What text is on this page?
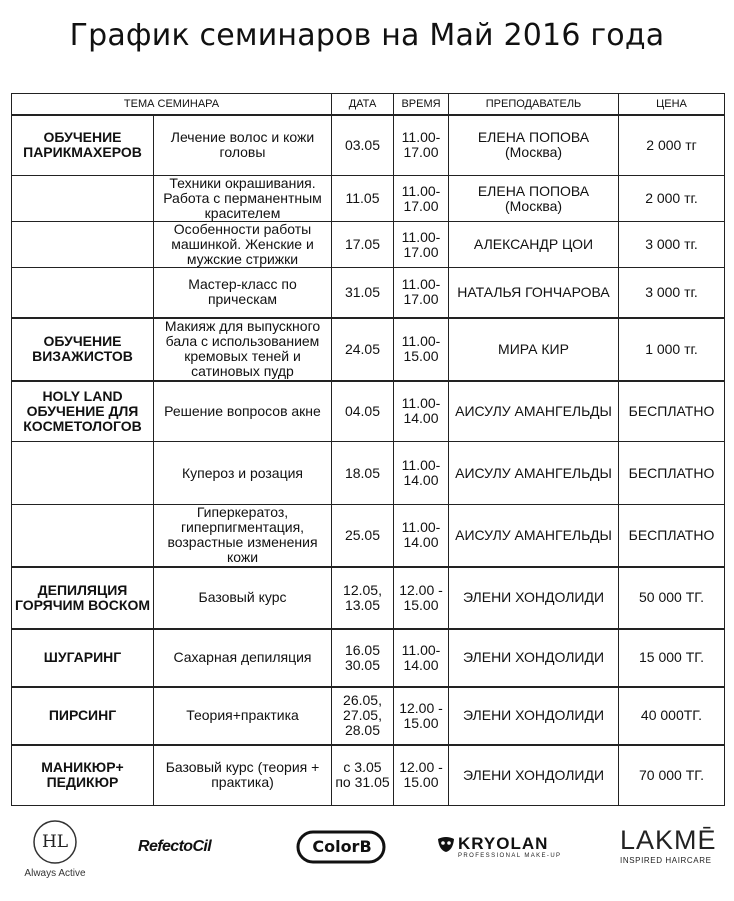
График семинаров на Май 2016 года
ТЕМА СЕМИНАРА		ДАТА	ВРЕМЯ	ПРЕПОДАВАТЕЛЬ	ЦЕНА
ОБУЧЕНИЕ ПАРИКМАХЕРОВ	Лечение волос и кожи головы	03.05	11.00-17.00	ЕЛЕНА ПОПОВА (Москва)	2 000 тг
	Техники окрашивания. Работа с перманентным красителем	11.05	11.00-17.00	ЕЛЕНА ПОПОВА (Москва)	2 000 тг.
	Особенности работы машинкой. Женские и мужские стрижки	17.05	11.00-17.00	АЛЕКСАНДР ЦОИ	3 000 тг.
	Мастер-класс по прическам	31.05	11.00-17.00	НАТАЛЬЯ ГОНЧАРОВА	3 000 тг.
ОБУЧЕНИЕ ВИЗАЖИСТОВ	Макияж для выпускного бала с использованием кремовых теней и сатиновых пудр	24.05	11.00-15.00	МИРА КИР	1 000 тг.
HOLY LAND ОБУЧЕНИЕ ДЛЯ КОСМЕТОЛОГОВ	Решение вопросов акне	04.05	11.00-14.00	АИСУЛУ АМАНГЕЛЬДЫ	БЕСПЛАТНО
	Купероз и розация	18.05	11.00-14.00	АИСУЛУ АМАНГЕЛЬДЫ	БЕСПЛАТНО
	Гиперкератоз, гиперпигментация, возрастные изменения кожи	25.05	11.00-14.00	АИСУЛУ АМАНГЕЛЬДЫ	БЕСПЛАТНО
ДЕПИЛЯЦИЯ ГОРЯЧИМ ВОСКОМ	Базовый курс	12.05, 13.05	12.00 - 15.00	ЭЛЕНИ ХОНДОЛИДИ	50 000 ТГ.
ШУГАРИНГ	Сахарная депиляция	16.05 30.05	11.00-14.00	ЭЛЕНИ ХОНДОЛИДИ	15 000 ТГ.
ПИРСИНГ	Теория+практика	26.05, 27.05, 28.05	12.00 - 15.00	ЭЛЕНИ ХОНДОЛИДИ	40 000ТГ.
МАНИКЮР+ ПЕДИКЮР	Базовый курс (теория + практика)	с 3.05 по 31.05	12.00 - 15.00	ЭЛЕНИ ХОНДОЛИДИ	70 000 ТГ.
HL
Always Active
RefectoCil	ColorB	KRYOLAN
PROFESSIONAL MAKE-UP
LAKMĒ
INSPIRED HAIRCARE
